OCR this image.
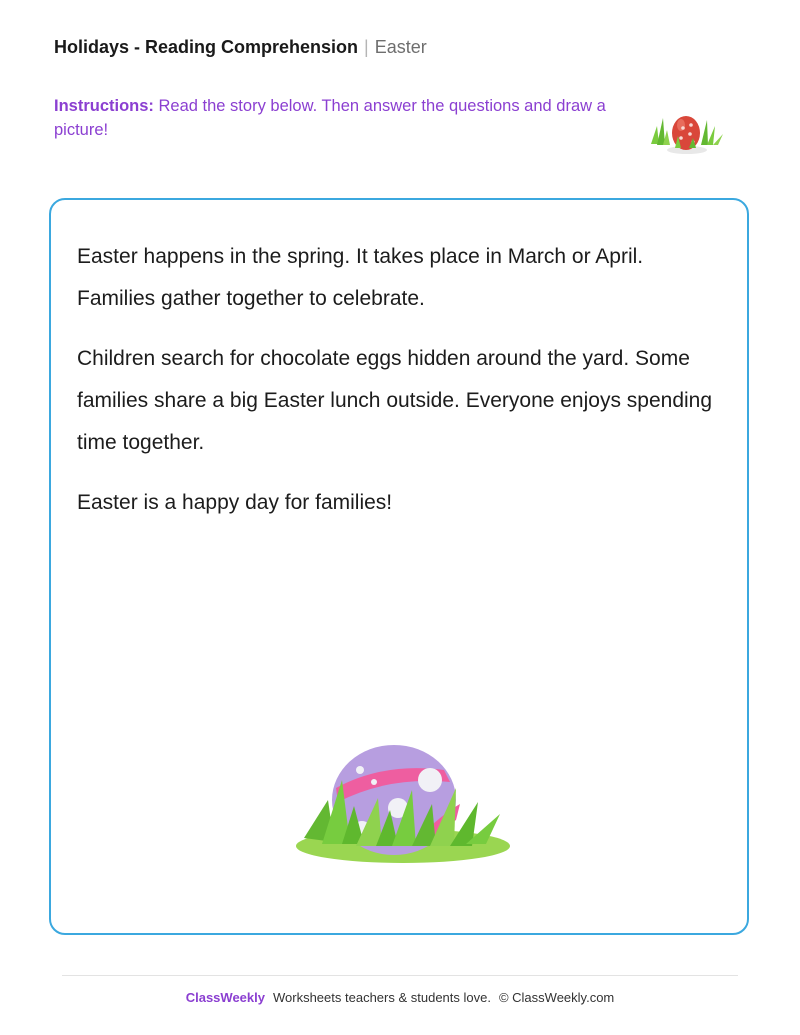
Holidays - Reading Comprehension | Easter
Instructions: Read the story below. Then answer the questions and draw a picture!

Easter happens in the spring. It takes place in March or April. Families gather together to celebrate.

Children search for chocolate eggs hidden around the yard. Some families share a big Easter lunch outside. Everyone enjoys spending time together.

Easter is a happy day for families!

ClassWeekly Worksheets teachers & students love. © ClassWeekly.com
